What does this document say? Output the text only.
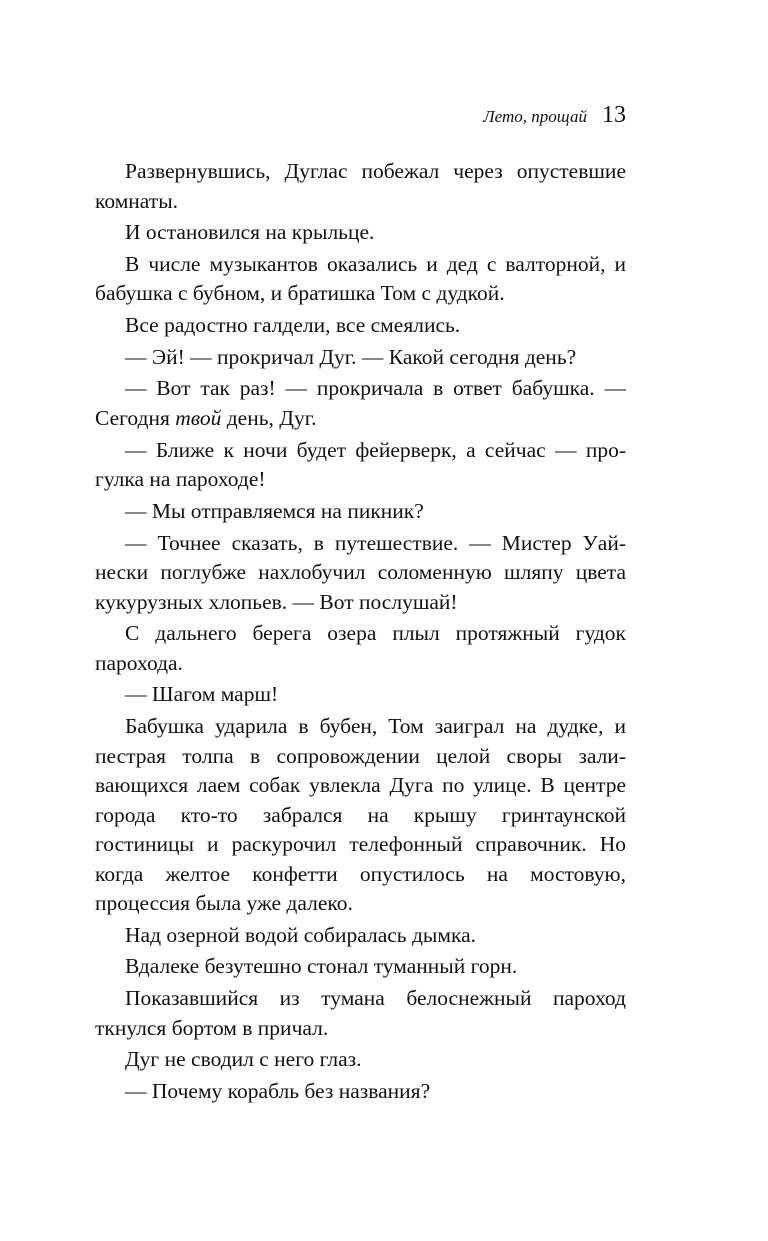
Лето, прощай 13

Развернувшись, Дуглас побежал через опустевшие комнаты.

И остановился на крыльце.

В числе музыкантов оказались и дед с валторной, и бабушка с бубном, и братишка Том с дудкой.

Все радостно галдели, все смеялись.

— Эй! — прокричал Дуг. — Какой сегодня день?

— Вот так раз! — прокричала в ответ бабушка. — Сегодня твой день, Дуг.

— Ближе к ночи будет фейерверк, а сейчас — прогулка на пароходе!

— Мы отправляемся на пикник?

— Точнее сказать, в путешествие. — Мистер Уайнески поглубже нахлобучил соломенную шляпу цвета кукурузных хлопьев. — Вот послушай!

С дальнего берега озера плыл протяжный гудок парохода.

— Шагом марш!

Бабушка ударила в бубен, Том заиграл на дудке, и пестрая толпа в сопровождении целой своры заливающихся лаем собак увлекла Дуга по улице. В центре города кто-то забрался на крышу гринтаунской гостиницы и раскурочил телефонный справочник. Но когда желтое конфетти опустилось на мостовую, процессия была уже далеко.

Над озерной водой собиралась дымка.

Вдалеке безутешно стонал туманный горн.

Показавшийся из тумана белоснежный пароход ткнулся бортом в причал.

Дуг не сводил с него глаз.

— Почему корабль без названия?
